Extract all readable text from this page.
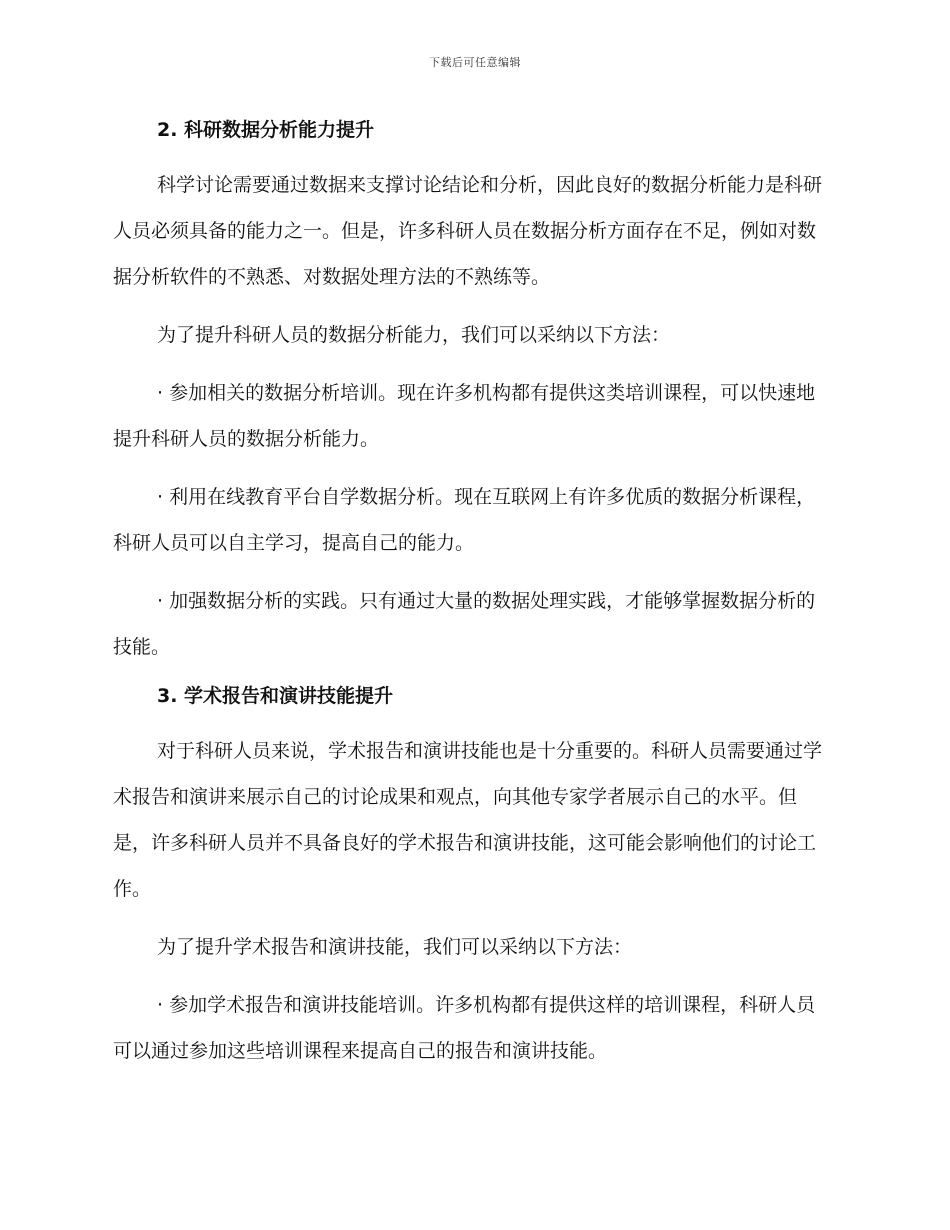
下载后可任意编辑
2. 科研数据分析能力提升

科学讨论需要通过数据来支撑讨论结论和分析，因此良好的数据分析能力是科研人员必须具备的能力之一。但是，许多科研人员在数据分析方面存在不足，例如对数据分析软件的不熟悉、对数据处理方法的不熟练等。

为了提升科研人员的数据分析能力，我们可以采纳以下方法：

· 参加相关的数据分析培训。现在许多机构都有提供这类培训课程，可以快速地提升科研人员的数据分析能力。

· 利用在线教育平台自学数据分析。现在互联网上有许多优质的数据分析课程，科研人员可以自主学习，提高自己的能力。

· 加强数据分析的实践。只有通过大量的数据处理实践，才能够掌握数据分析的技能。

3. 学术报告和演讲技能提升

对于科研人员来说，学术报告和演讲技能也是十分重要的。科研人员需要通过学术报告和演讲来展示自己的讨论成果和观点，向其他专家学者展示自己的水平。但是，许多科研人员并不具备良好的学术报告和演讲技能，这可能会影响他们的讨论工作。

为了提升学术报告和演讲技能，我们可以采纳以下方法：

· 参加学术报告和演讲技能培训。许多机构都有提供这样的培训课程，科研人员可以通过参加这些培训课程来提高自己的报告和演讲技能。
